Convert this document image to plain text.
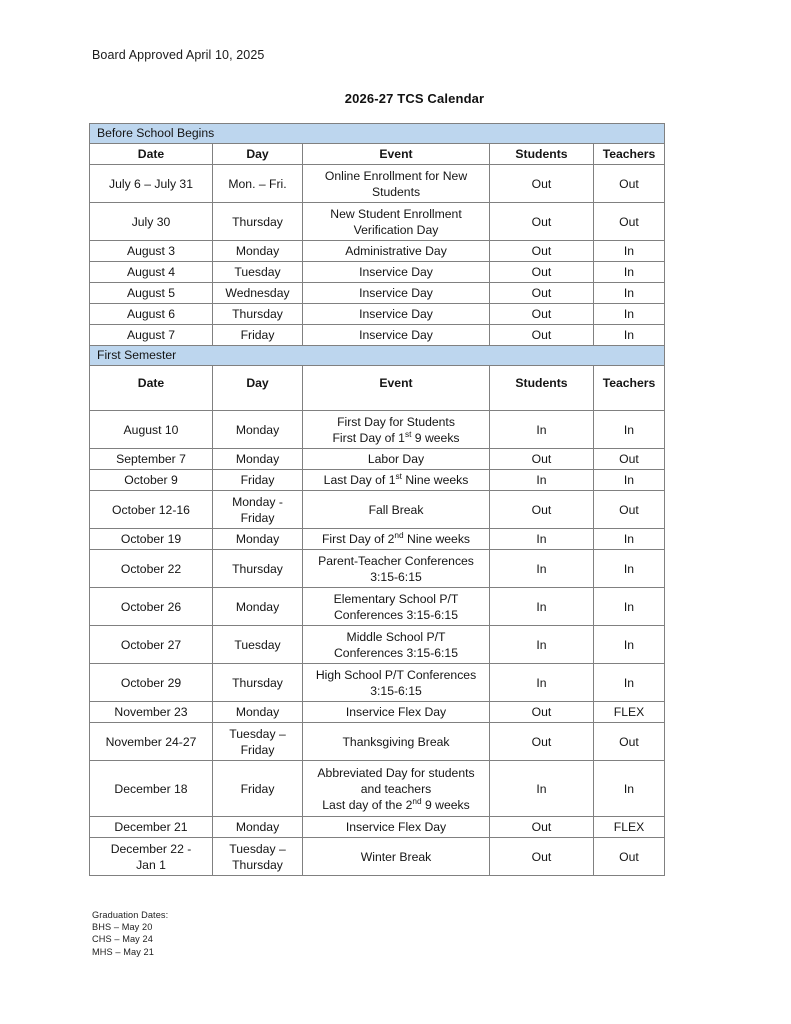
Board Approved April 10, 2025
2026-27 TCS Calendar
Before School Begins				
Date	Day	Event	Students	Teachers

July 6 – July 31	Mon. – Fri.	Online Enrollment for New
Students	Out	Out

July 30	Thursday	New Student Enrollment
Verification Day	Out	Out

August 3	Monday	Administrative Day	Out	In

August 4	Tuesday	Inservice Day	Out	In

August 5	Wednesday	Inservice Day	Out	In

August 6	Thursday	Inservice Day	Out	In

August 7	Friday	Inservice Day	Out	In

First Semester				
Date	Day	Event	Students	Teachers

August 10	Monday	First Day for Students
First Day of 1st 9 weeks	In	In

September 7	Monday	Labor Day	Out	Out

October 9	Friday	Last Day of 1st Nine weeks	In	In

October 12-16	Monday -
Friday	Fall Break	Out	Out

October 19	Monday	First Day of 2nd Nine weeks	In	In

October 22	Thursday	Parent-Teacher Conferences
3:15-6:15	In	In

October 26	Monday	Elementary School P/T
Conferences 3:15-6:15	In	In

October 27	Tuesday	Middle School P/T
Conferences 3:15-6:15	In	In

October 29	Thursday	High School P/T Conferences
3:15-6:15	In	In

November 23	Monday	Inservice Flex Day	Out	FLEX

November 24-27	Tuesday –
Friday	Thanksgiving Break	Out	Out

December 18	Friday	Abbreviated Day for students
and teachers
Last day of the 2nd 9 weeks	In	In

December 21	Monday	Inservice Flex Day	Out	FLEX

December 22 -
Jan 1	Tuesday –
Thursday	Winter Break	Out	Out
Graduation Dates:
BHS – May 20
CHS – May 24
MHS – May 21
